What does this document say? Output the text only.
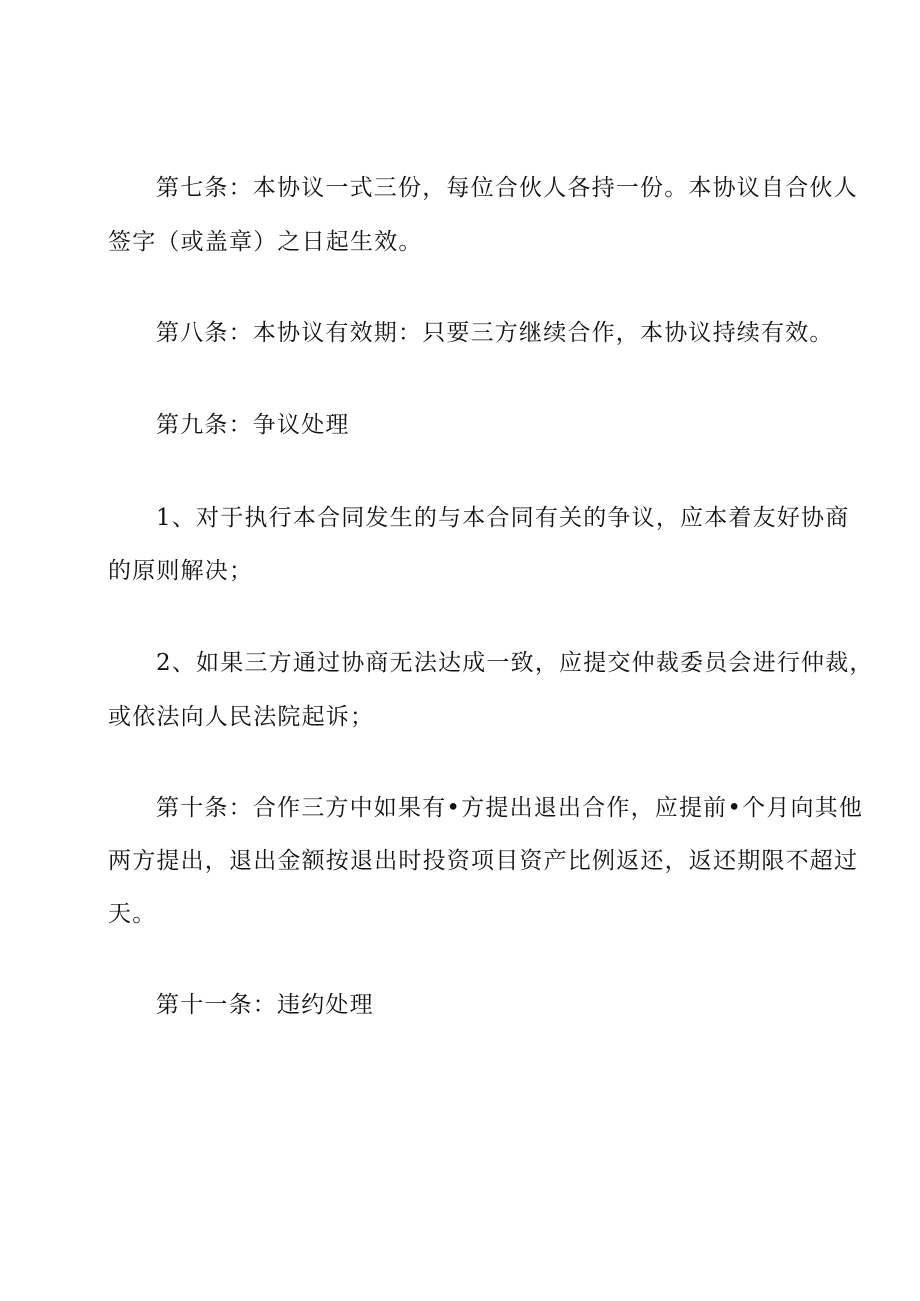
第七条：本协议一式三份，每位合伙人各持一份。本协议自合伙人

签字（或盖章）之日起生效。

第八条：本协议有效期：只要三方继续合作，本协议持续有效。

第九条：争议处理

1、对于执行本合同发生的与本合同有关的争议，应本着友好协商

的原则解决；

2、如果三方通过协商无法达成一致，应提交仲裁委员会进行仲裁，

或依法向人民法院起诉；

第十条：合作三方中如果有•方提出退出合作，应提前•个月向其他

两方提出，退出金额按退出时投资项目资产比例返还，返还期限不超过

天。

第十一条：违约处理
